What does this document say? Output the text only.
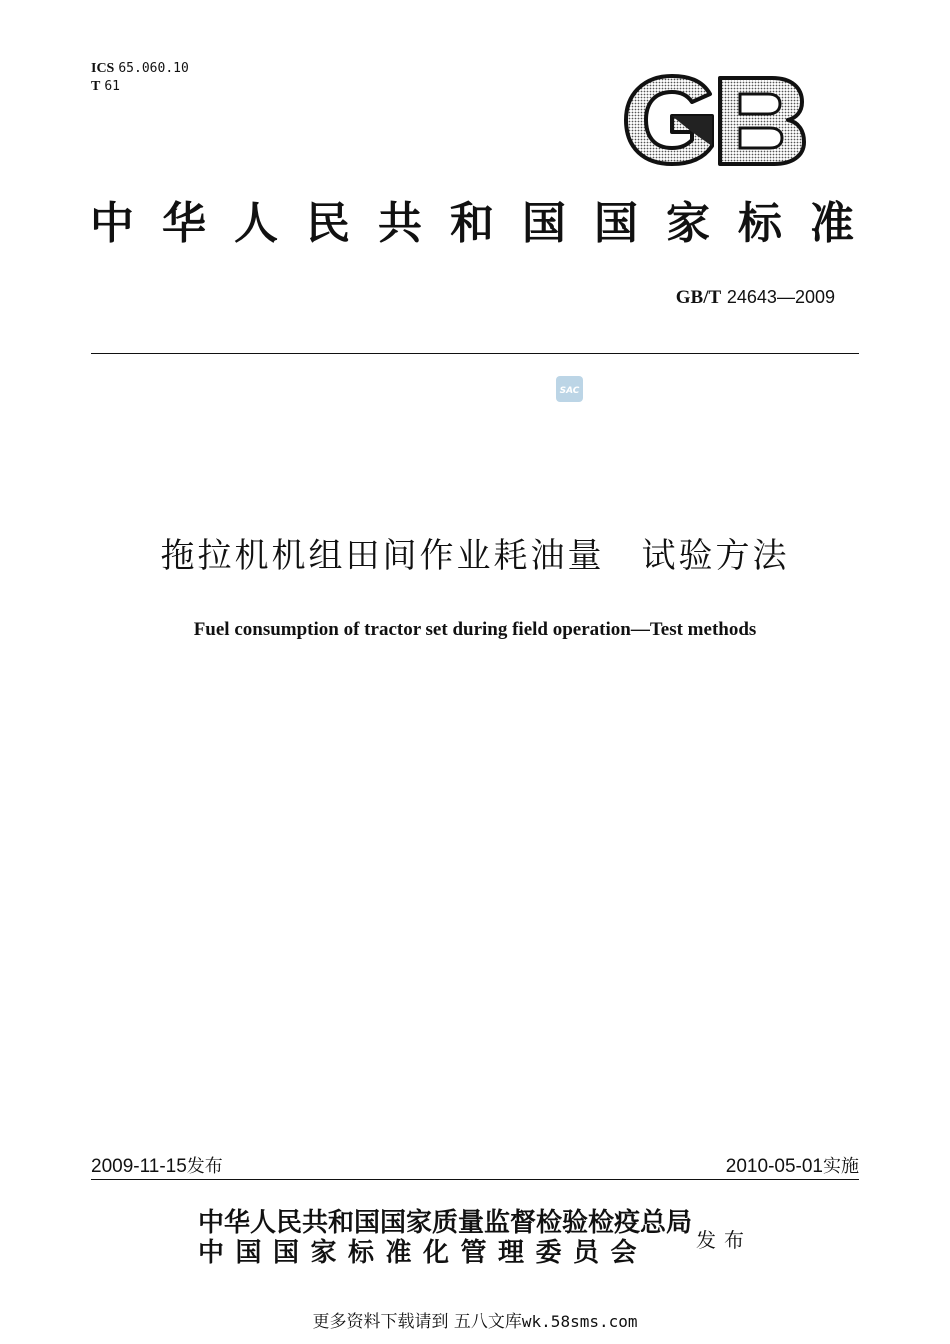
ICS 65.060.10
T 61
中华人民共和国国家标准
GB/T 24643—2009
SAC
拖拉机机组田间作业耗油量　试验方法
Fuel consumption of tractor set during field operation—Test methods
2009-11-15发布	2010-05-01实施
中华人民共和国国家质量监督检验检疫总局
中国国家标准化管理委员会	发布
更多资料下载请到 五八文库wk.58sms.com
